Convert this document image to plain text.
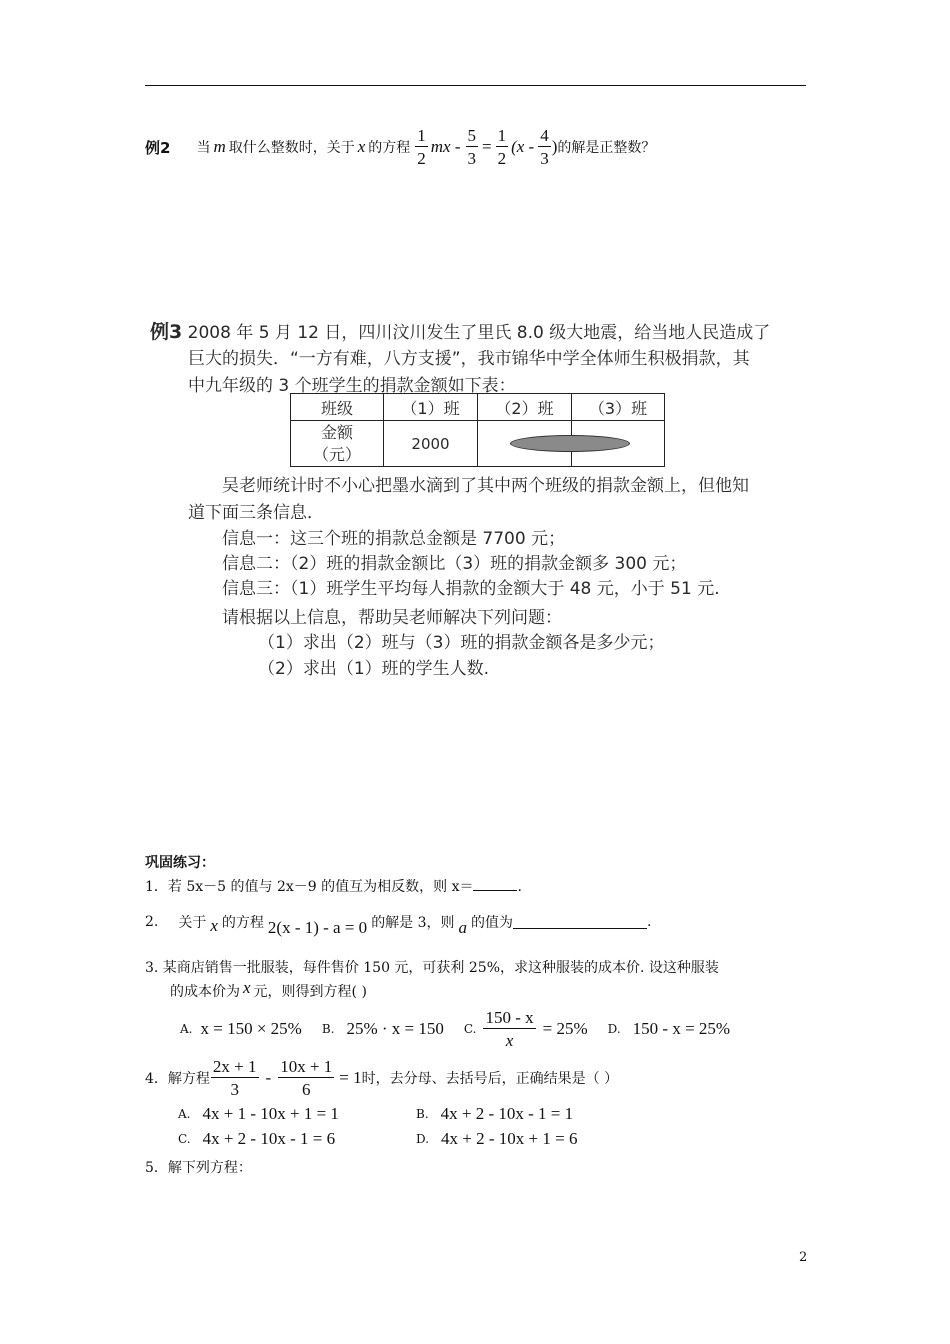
例2 当 m 取什么整数时，关于 x 的方程 $\frac{1}{2}$ mx - $\frac{5}{3} = \frac{1}{2} (x - \frac{4}{3}$ ) 的解是正整数？
例3 2008 年 5 月 12 日，四川汶川发生了里氏 8.0 级大地震，给当地人民造成了
巨大的损失．“一方有难，八方支援”，我市锦华中学全体师生积极捐款，其
中九年级的 3 个班学生的捐款金额如下表：
班级	（1）班	（2）班	（3）班

金额
（元）	2000		
吴老师统计时不小心把墨水滴到了其中两个班级的捐款金额上，但他知
道下面三条信息．
信息一：这三个班的捐款总金额是 7700 元；
信息二：（2）班的捐款金额比（3）班的捐款金额多 300 元；
信息三：（1）班学生平均每人捐款的金额大于 48 元，小于 51 元.
请根据以上信息，帮助吴老师解决下列问题：
（1）求出（2）班与（3）班的捐款金额各是多少元；
（2）求出（1）班的学生人数.
巩固练习：
1．若 5x－5 的值与 2x－9 的值互为相反数，则 x＝	.
2. 关于 x 的方程 2(x - 1) - a = 0 的解是 3，则 a 的值为	.
3. 某商店销售一批服装，每件售价 150 元，可获利 25%，求这种服装的成本价. 设这种服装
的成本价为 x 元，则得到方程( )
A. x = 150 × 25% B. 25% · x = 150 C. $\frac{150 - x}{x} = 25\%$ D. 150 - x = 25%
4．解方程 $\frac{2x + 1}{3} - \frac{10x + 1}{6} = 1$ 时，去分母、去括号后，正确结果是（ ）
A. 4x + 1 - 10x + 1 = 1	B. 4x + 2 - 10x - 1 = 1
C. 4x + 2 - 10x - 1 = 6	D. 4x + 2 - 10x + 1 = 6
5．解下列方程：
2
